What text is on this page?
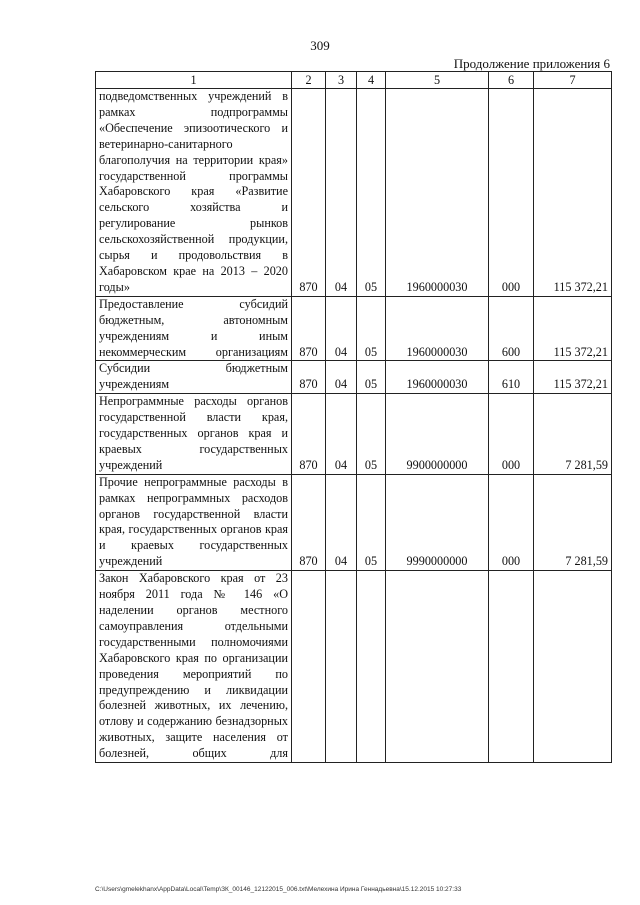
309
Продолжение приложения 6
1	2	3	4	5	6	7
подведомственных учреждений в рамках подпрограммы «Обеспечение эпизоотического и ветеринарно-санитарного благополучия на территории края» государственной программы Хабаровского края «Развитие сельского хозяйства и регулирование рынков сельскохозяйственной продукции, сырья и продовольствия в Хабаровском крае на 2013 – 2020 годы»	870	04	05	1960000030	000	115 372,21
Предоставление субсидий бюджетным, автономным учреждениям и иным некоммерческим организациям	870	04	05	1960000030	600	115 372,21
Субсидии бюджетным учреждениям	870	04	05	1960000030	610	115 372,21
Непрограммные расходы органов государственной власти края, государственных органов края и краевых государственных учреждений	870	04	05	9900000000	000	7 281,59
Прочие непрограммные расходы в рамках непрограммных расходов органов государственной власти края, государственных органов края и краевых государственных учреждений	870	04	05	9990000000	000	7 281,59
Закон Хабаровского края от 23 ноября 2011 года № 146 «О наделении органов местного самоуправления отдельными государственными полномочиями Хабаровского края по организации проведения мероприятий по предупреждению и ликвидации болезней животных, их лечению, отлову и содержанию безнадзорных животных, защите населения от болезней, общих для						
C:\Users\gmelekhanx\AppData\Local\Temp\ЗК_00146_12122015_006.txt\Мелехина Ирина Геннадьевна\15.12.2015 10:27:33
